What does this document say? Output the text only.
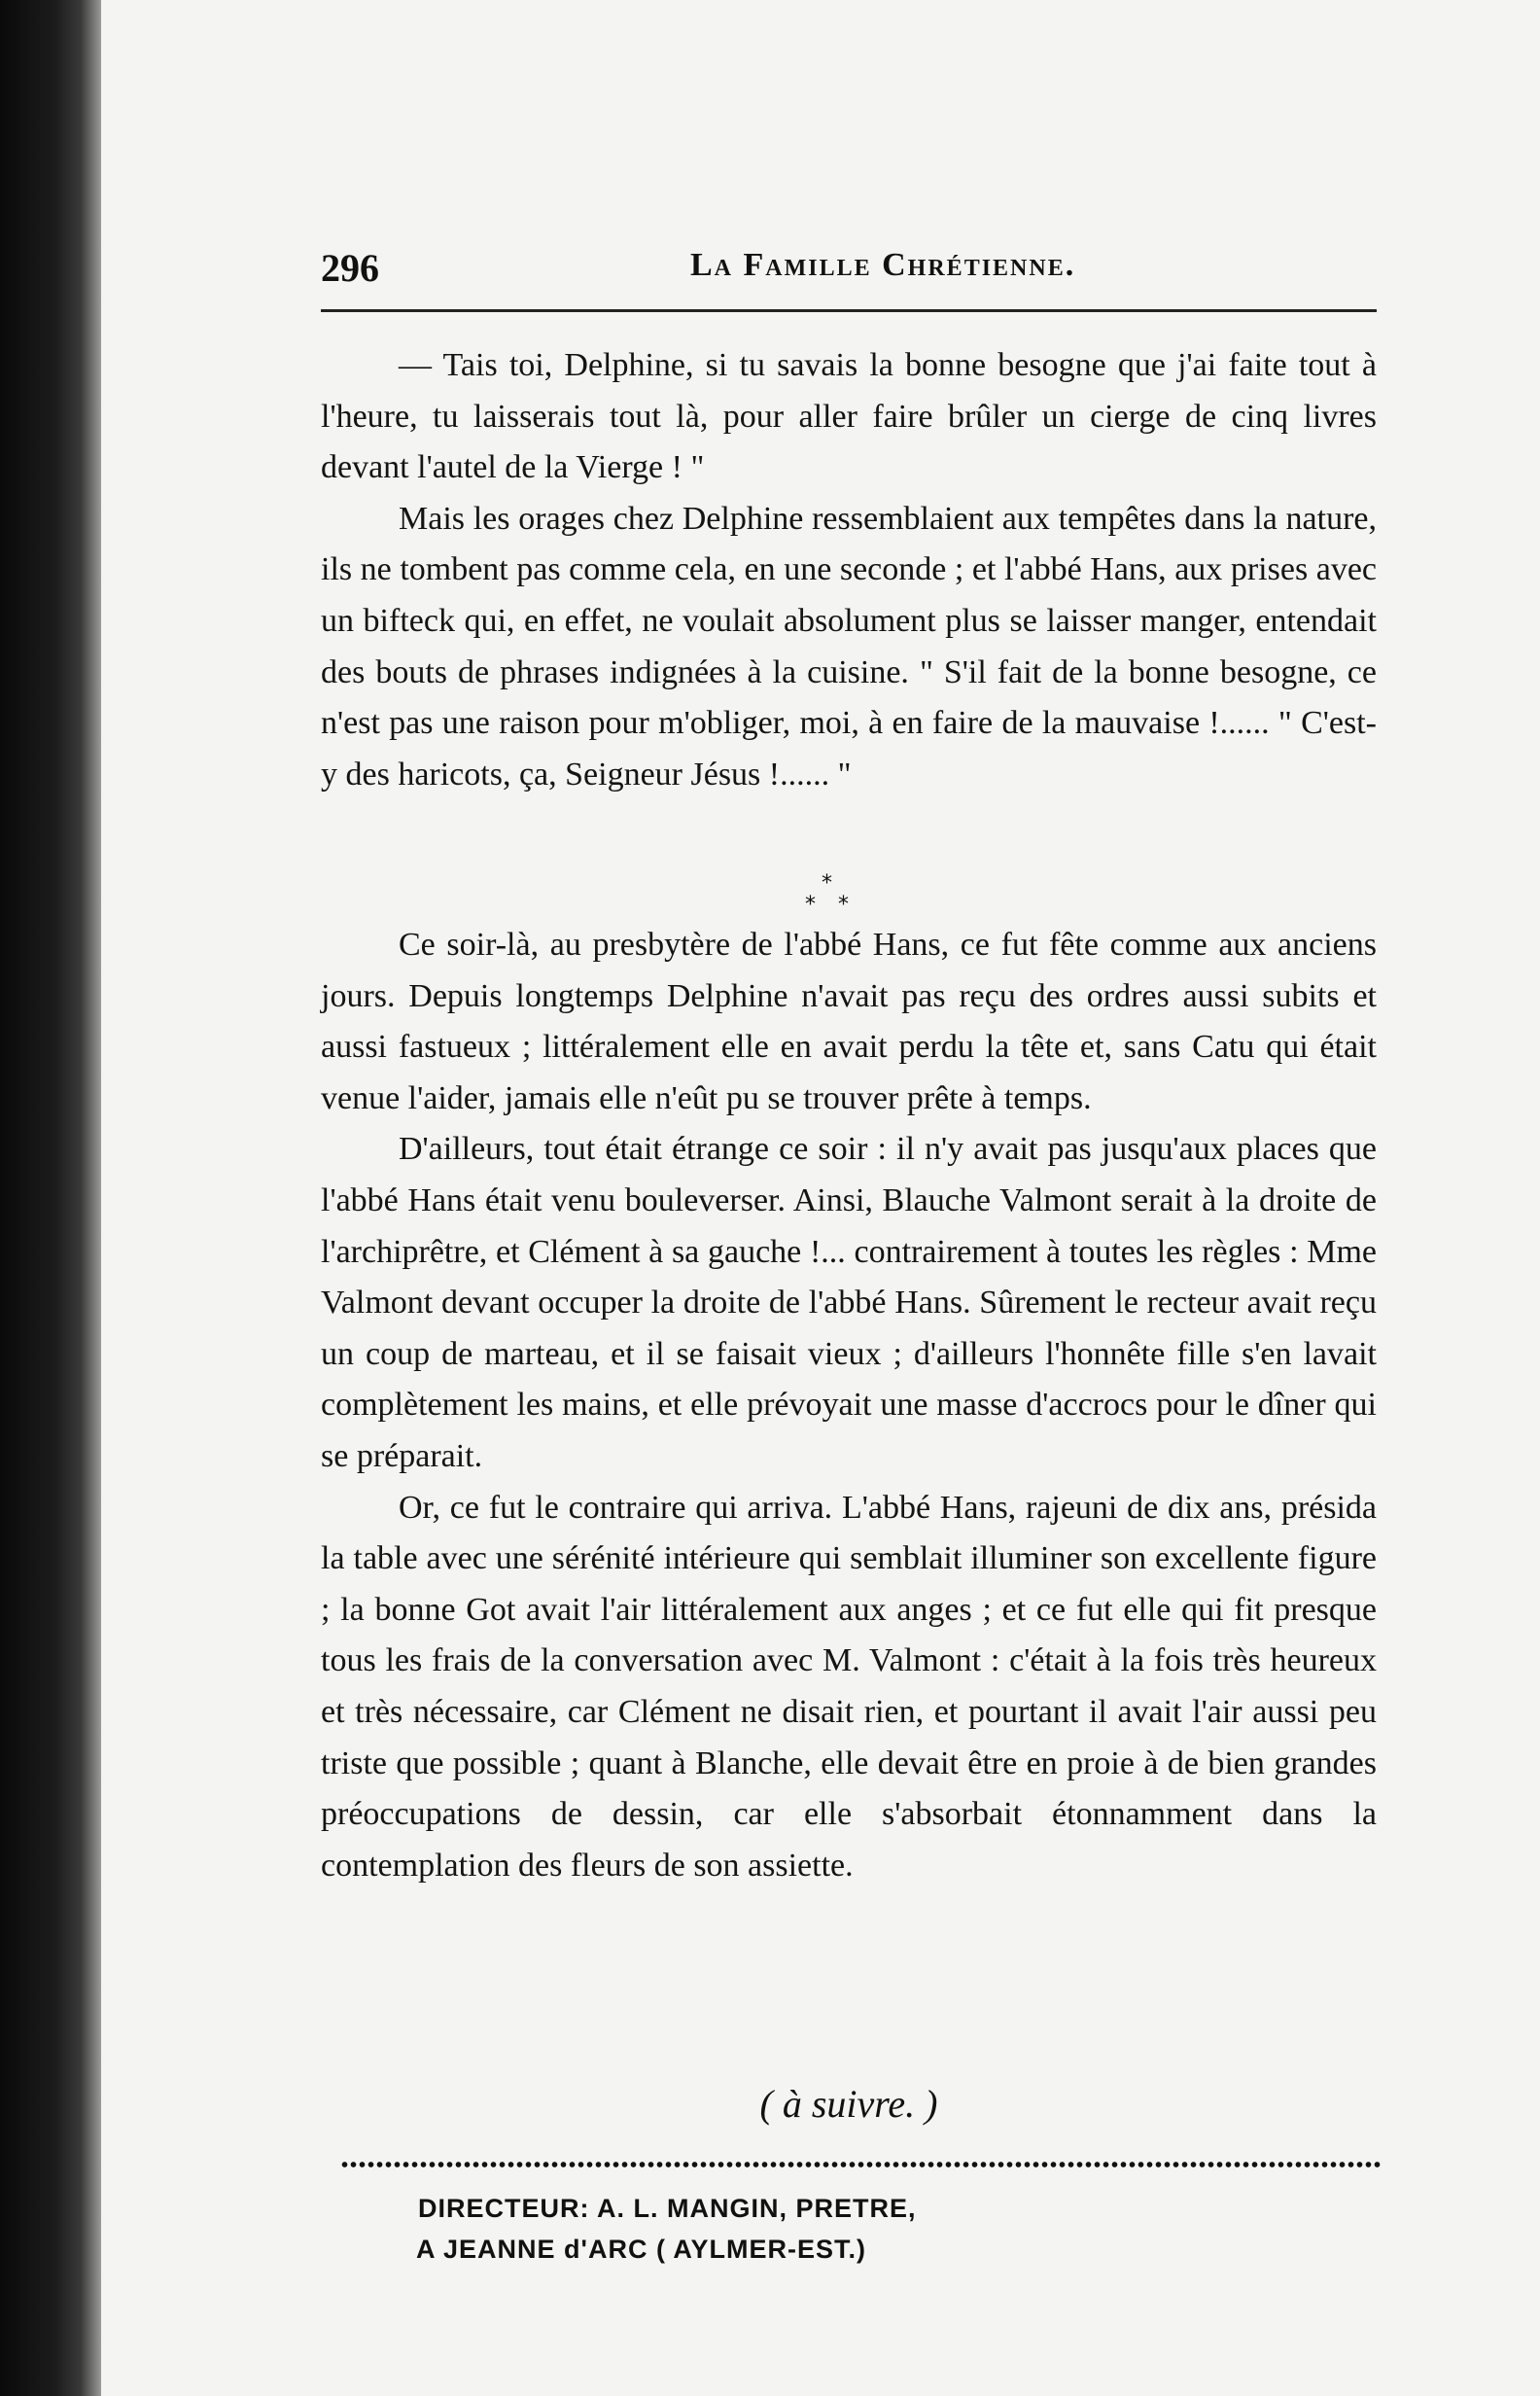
296	La Famille Chrétienne.

— Tais toi, Delphine, si tu savais la bonne besogne que j'ai faite tout à l'heure, tu laisserais tout là, pour aller faire brûler un cierge de cinq livres devant l'autel de la Vierge ! "

Mais les orages chez Delphine ressemblaient aux tempêtes dans la nature, ils ne tombent pas comme cela, en une seconde ; et l'abbé Hans, aux prises avec un bifteck qui, en effet, ne voulait absolument plus se laisser manger, entendait des bouts de phrases indignées à la cuisine. " S'il fait de la bonne besogne, ce n'est pas une raison pour m'obliger, moi, à en faire de la mauvaise !...... " C'est-y des haricots, ça, Seigneur Jésus !...... "

*
* *

Ce soir-là, au presbytère de l'abbé Hans, ce fut fête comme aux anciens jours. Depuis longtemps Delphine n'avait pas reçu des ordres aussi subits et aussi fastueux ; littéralement elle en avait perdu la tête et, sans Catu qui était venue l'aider, jamais elle n'eût pu se trouver prête à temps.

D'ailleurs, tout était étrange ce soir : il n'y avait pas jusqu'aux places que l'abbé Hans était venu bouleverser. Ainsi, Blauche Valmont serait à la droite de l'archiprêtre, et Clément à sa gauche !... contrairement à toutes les règles : Mme Valmont devant occuper la droite de l'abbé Hans. Sûrement le recteur avait reçu un coup de marteau, et il se faisait vieux ; d'ailleurs l'honnête fille s'en lavait complètement les mains, et elle prévoyait une masse d'accrocs pour le dîner qui se préparait.

Or, ce fut le contraire qui arriva. L'abbé Hans, rajeuni de dix ans, présida la table avec une sérénité intérieure qui semblait illuminer son excellente figure ; la bonne Got avait l'air littéralement aux anges ; et ce fut elle qui fit presque tous les frais de la conversation avec M. Valmont : c'était à la fois très heureux et très nécessaire, car Clément ne disait rien, et pourtant il avait l'air aussi peu triste que possible ; quant à Blanche, elle devait être en proie à de bien grandes préoccupations de dessin, car elle s'absorbait étonnamment dans la contemplation des fleurs de son assiette.

( à suivre. )
DIRECTEUR: A. L. MANGIN, PRETRE,
A JEANNE d'ARC ( AYLMER-EST.)
